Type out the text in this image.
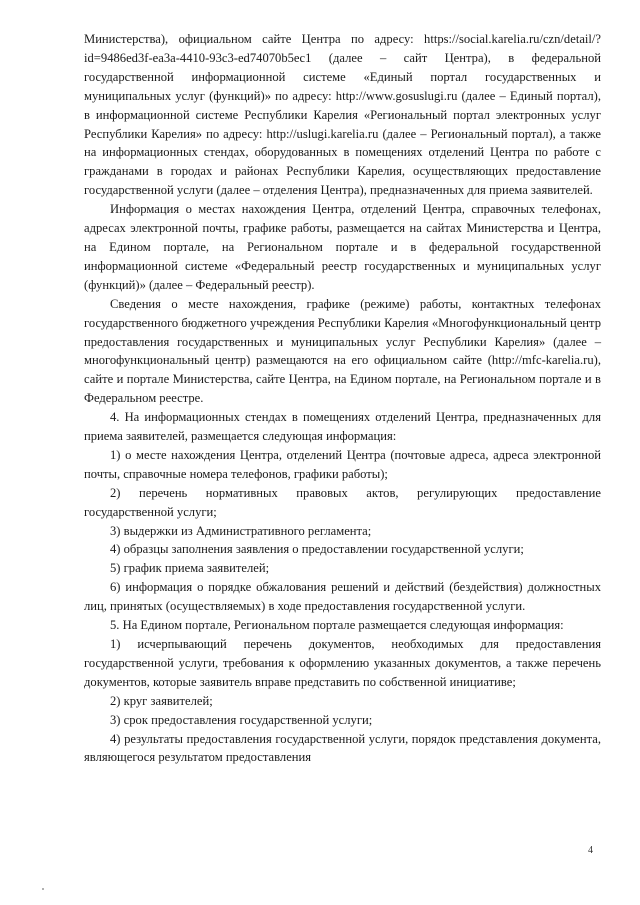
Министерства), официальном сайте Центра по адресу: https://social.karelia.ru/czn/detail/?id=9486ed3f-ea3a-4410-93c3-ed74070b5ec1 (далее – сайт Центра), в федеральной государственной информационной системе «Единый портал государственных и муниципальных услуг (функций)» по адресу: http://www.gosuslugi.ru (далее – Единый портал), в информационной системе Республики Карелия «Региональный портал электронных услуг Республики Карелия» по адресу: http://uslugi.karelia.ru (далее – Региональный портал), а также на информационных стендах, оборудованных в помещениях отделений Центра по работе с гражданами в городах и районах Республики Карелия, осуществляющих предоставление государственной услуги (далее – отделения Центра), предназначенных для приема заявителей.

Информация о местах нахождения Центра, отделений Центра, справочных телефонах, адресах электронной почты, графике работы, размещается на сайтах Министерства и Центра, на Едином портале, на Региональном портале и в федеральной государственной информационной системе «Федеральный реестр государственных и муниципальных услуг (функций)» (далее – Федеральный реестр).

Сведения о месте нахождения, графике (режиме) работы, контактных телефонах государственного бюджетного учреждения Республики Карелия «Многофункциональный центр предоставления государственных и муниципальных услуг Республики Карелия» (далее – многофункциональный центр) размещаются на его официальном сайте (http://mfc-karelia.ru), сайте и портале Министерства, сайте Центра, на Едином портале, на Региональном портале и в Федеральном реестре.

4. На информационных стендах в помещениях отделений Центра, предназначенных для приема заявителей, размещается следующая информация:

1) о месте нахождения Центра, отделений Центра (почтовые адреса, адреса электронной почты, справочные номера телефонов, графики работы);

2) перечень нормативных правовых актов, регулирующих предоставление государственной услуги;

3) выдержки из Административного регламента;

4) образцы заполнения заявления о предоставлении государственной услуги;

5) график приема заявителей;

6) информация о порядке обжалования решений и действий (бездействия) должностных лиц, принятых (осуществляемых) в ходе предоставления государственной услуги.

5. На Едином портале, Региональном портале размещается следующая информация:

1) исчерпывающий перечень документов, необходимых для предоставления государственной услуги, требования к оформлению указанных документов, а также перечень документов, которые заявитель вправе представить по собственной инициативе;

2) круг заявителей;

3) срок предоставления государственной услуги;

4) результаты предоставления государственной услуги, порядок представления документа, являющегося результатом предоставления

4
